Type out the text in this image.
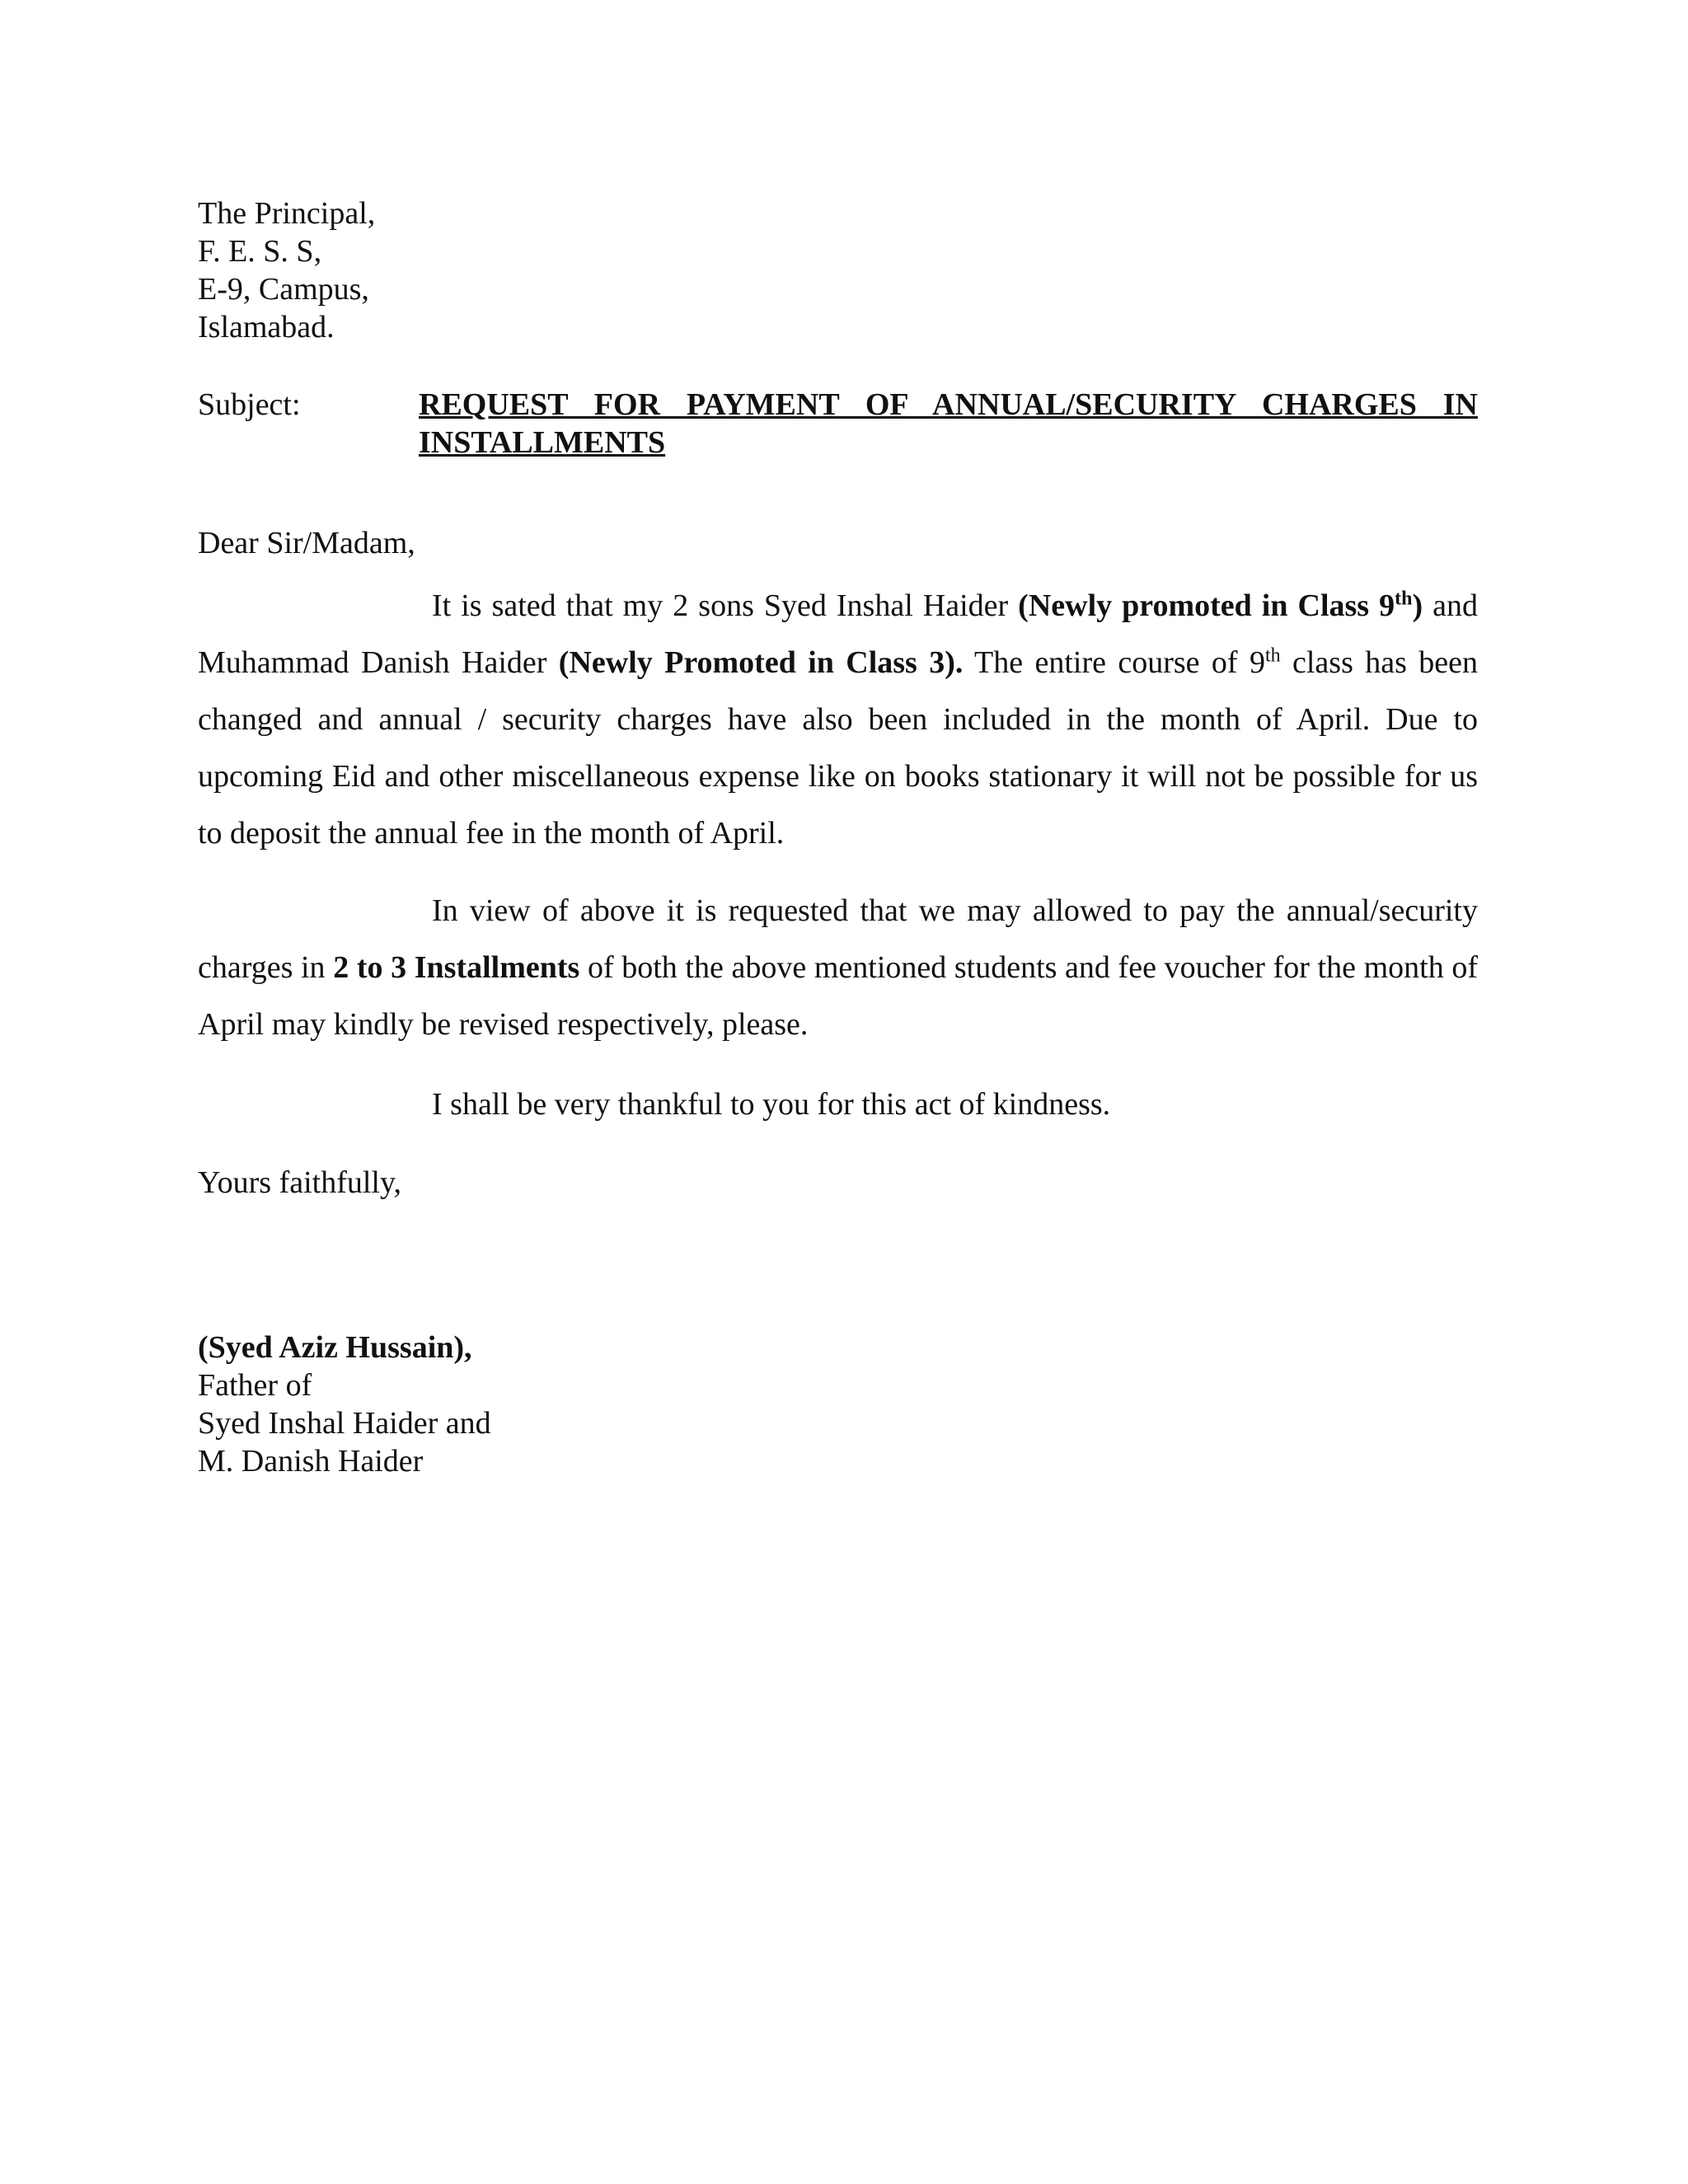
The Principal,
F. E. S. S,
E-9, Campus,
Islamabad.
Subject:	REQUEST FOR PAYMENT OF ANNUAL/SECURITY CHARGES IN
INSTALLMENTS
Dear Sir/Madam,
It is sated that my 2 sons Syed Inshal Haider (Newly promoted in Class 9th) and Muhammad Danish Haider (Newly Promoted in Class 3). The entire course of 9th class has been changed and annual / security charges have also been included in the month of April. Due to upcoming Eid and other miscellaneous expense like on books stationary it will not be possible for us to deposit the annual fee in the month of April.
In view of above it is requested that we may allowed to pay the annual/security charges in 2 to 3 Installments of both the above mentioned students and fee voucher for the month of April may kindly be revised respectively, please.
I shall be very thankful to you for this act of kindness.
Yours faithfully,
(Syed Aziz Hussain),
Father of
Syed Inshal Haider and
M. Danish Haider
